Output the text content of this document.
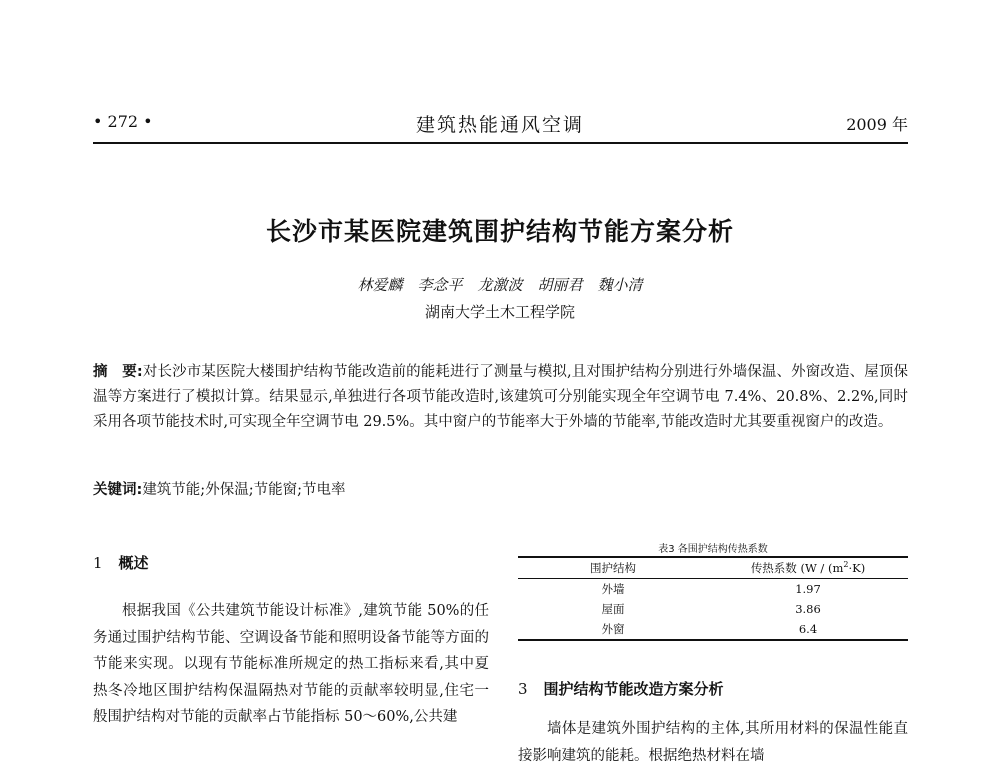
• 272 •	建筑热能通风空调	2009 年
长沙市某医院建筑围护结构节能方案分析
林爱麟　李念平　龙激波　胡丽君　魏小清
湖南大学土木工程学院
摘　要:对长沙市某医院大楼围护结构节能改造前的能耗进行了测量与模拟,且对围护结构分别进行外墙保温、外窗改造、屋顶保温等方案进行了模拟计算。结果显示,单独进行各项节能改造时,该建筑可分别能实现全年空调节电 7.4%、20.8%、2.2%,同时采用各项节能技术时,可实现全年空调节电 29.5%。其中窗户的节能率大于外墙的节能率,节能改造时尤其要重视窗户的改造。
关键词:建筑节能;外保温;节能窗;节电率
1 概述
根据我国《公共建筑节能设计标准》,建筑节能 50%的任务通过围护结构节能、空调设备节能和照明设备节能等方面的节能来实现。以现有节能标准所规定的热工指标来看,其中夏热冬冷地区围护结构保温隔热对节能的贡献率较明显,住宅一般围护结构对节能的贡献率占节能指标 50～60%,公共建
表3 各围护结构传热系数
围护结构	传热系数 ($W / (m^2\cdot K)$
外墙	1.97
屋面	3.86
外窗	6.4
3 围护结构节能改造方案分析
墙体是建筑外围护结构的主体,其所用材料的保温性能直接影响建筑的能耗。根据绝热材料在墙
